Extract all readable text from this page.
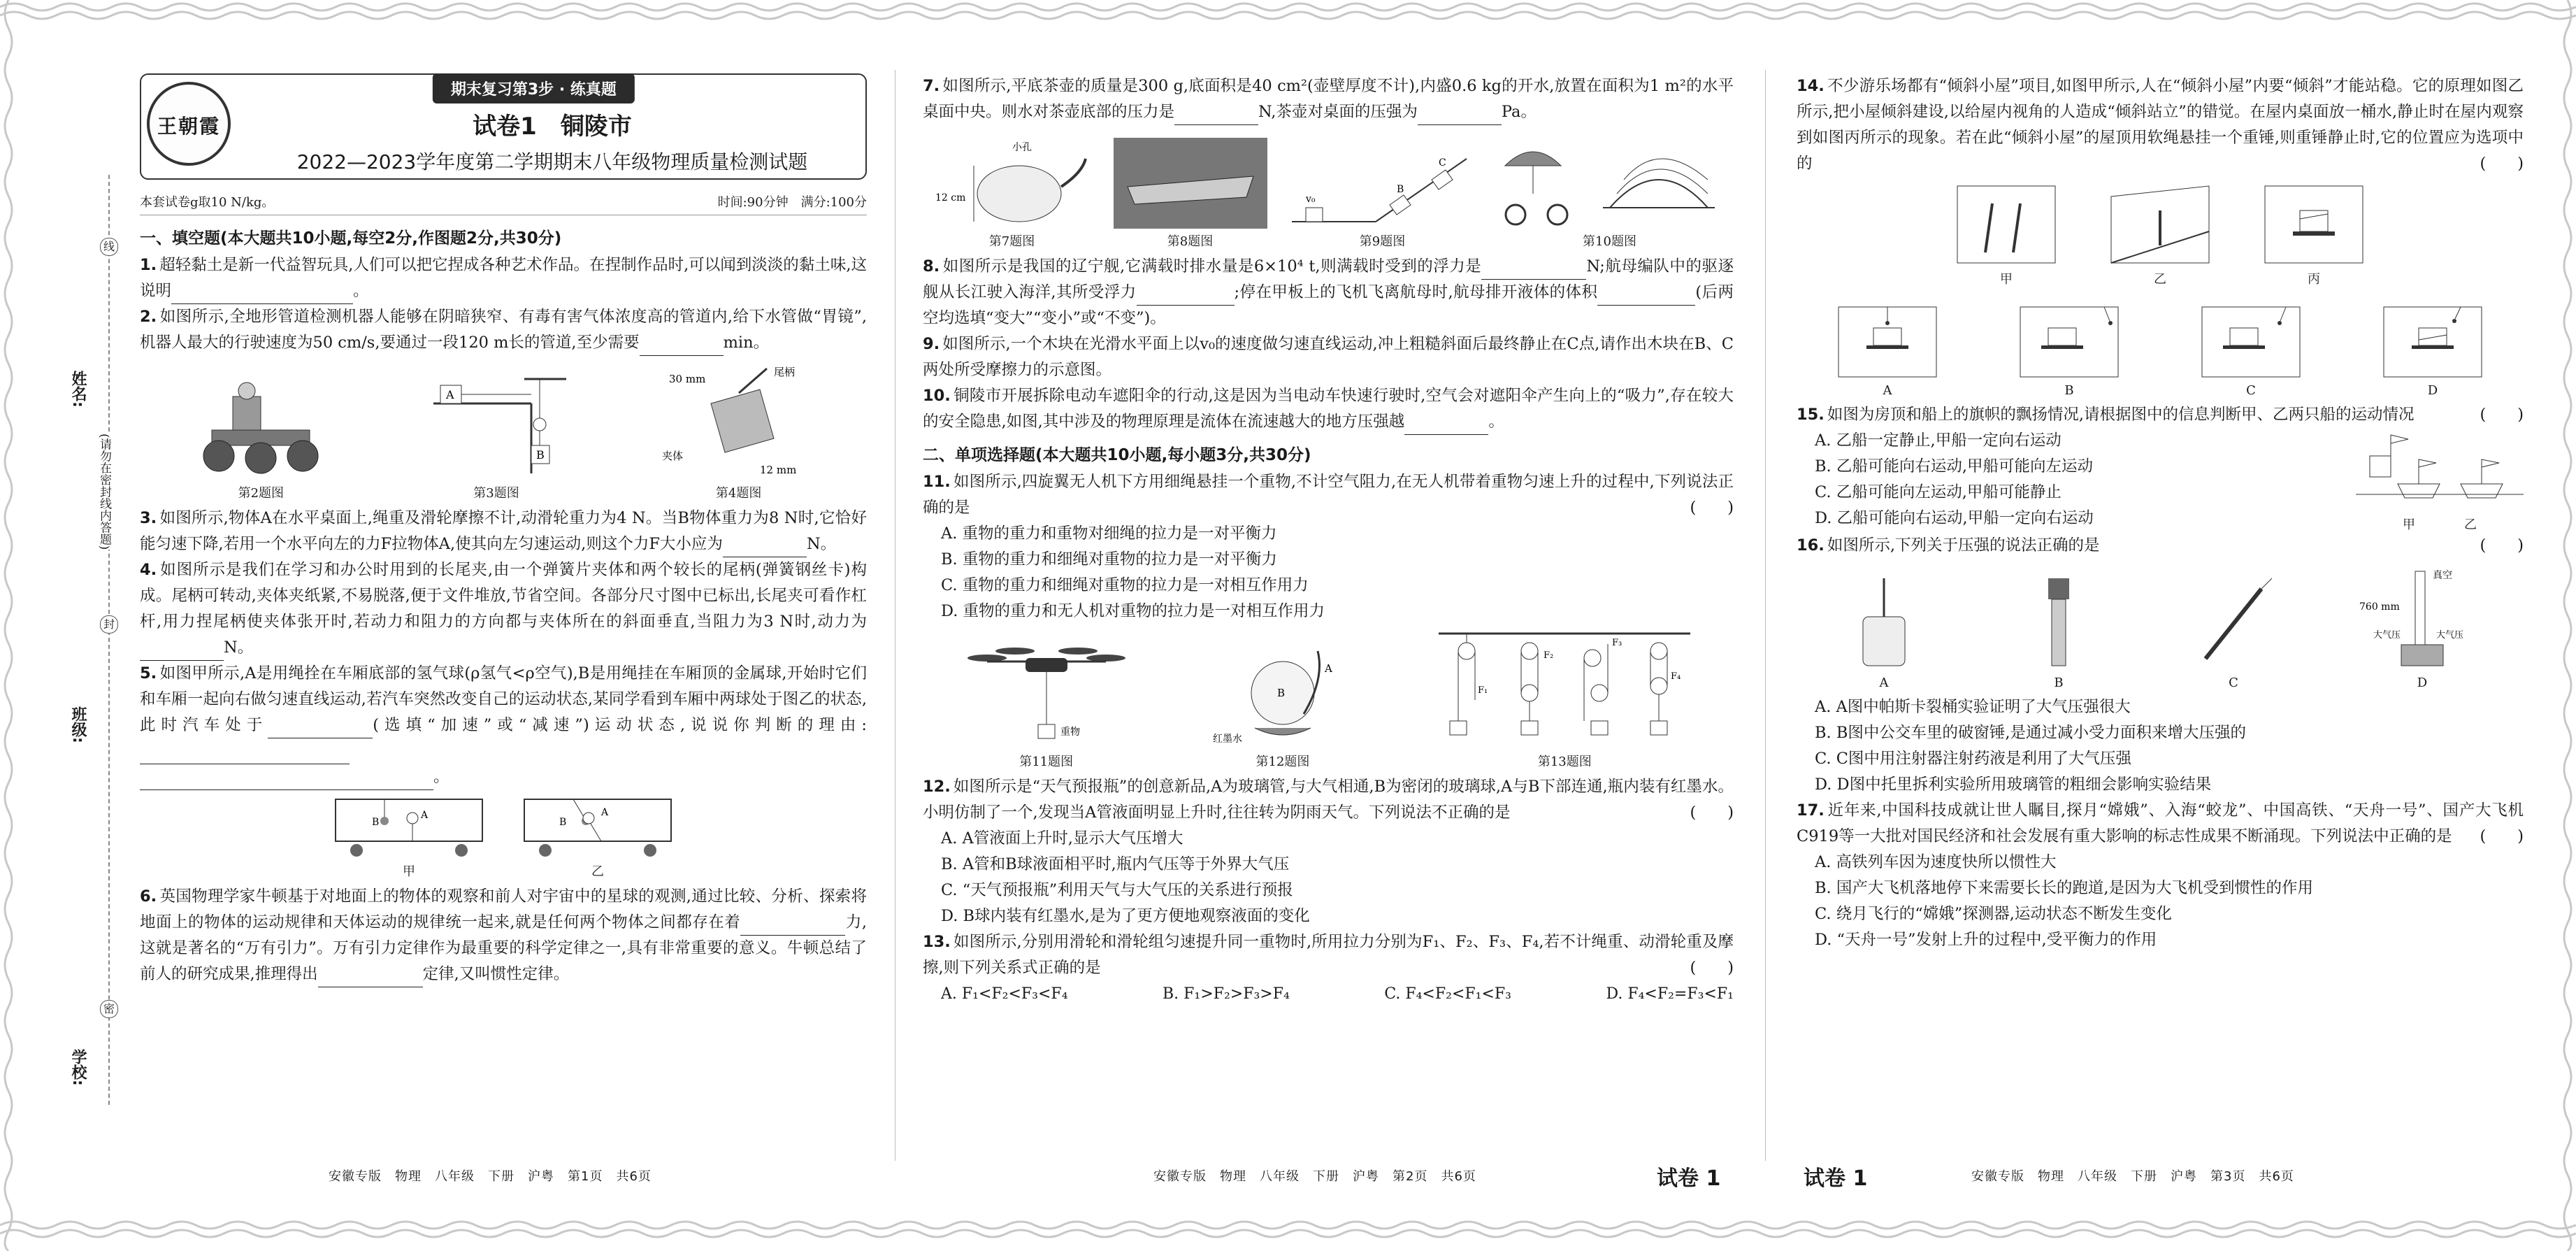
线
封
密
(请勿在密封线内答题)
姓名:
班级:
学校:
期末复习第3步 · 练真题
王朝霞	试卷1　铜陵市
2022—2023学年度第二学期期末八年级物理质量检测试题
本套试卷g取10 N/kg。	时间:90分钟　满分:100分
一、填空题(本大题共10小题,每空2分,作图题2分,共30分)

1. 超轻黏土是新一代益智玩具,人们可以把它捏成各种艺术作品。在捏制作品时,可以闻到淡淡的黏土味,这说明	。

2. 如图所示,全地形管道检测机器人能够在阴暗狭窄、有毒有害气体浓度高的管道内,给下水管做“胃镜”,机器人最大的行驶速度为50 cm/s,要通过一段120 m长的管道,至少需要	min。

第2题图
A
B
第3题图
30 mm
尾柄
夹体
12 mm
第4题图

3. 如图所示,物体A在水平桌面上,绳重及滑轮摩擦不计,动滑轮重力为4 N。当B物体重力为8 N时,它恰好能匀速下降,若用一个水平向左的力F拉物体A,使其向左匀速运动,则这个力F大小应为	N。

4. 如图所示是我们在学习和办公时用到的长尾夹,由一个弹簧片夹体和两个较长的尾柄(弹簧钢丝卡)构成。尾柄可转动,夹体夹纸紧,不易脱落,便于文件堆放,节省空间。各部分尺寸图中已标出,长尾夹可看作杠杆,用力捏尾柄使夹体张开时,若动力和阻力的方向都与夹体所在的斜面垂直,当阻力为3 N时,动力为N。

5. 如图甲所示,A是用绳拴在车厢底部的氢气球(ρ氢气<ρ空气),B是用绳挂在车厢顶的金属球,开始时它们和车厢一起向右做匀速直线运动,若汽车突然改变自己的运动状态,某同学看到车厢中两球处于图乙的状态,此时汽车处于	(选填“加速”或“减速”)运动状态,说说你判断的理由:
。

B
A
甲
B
A
乙

6. 英国物理学家牛顿基于对地面上的物体的观察和前人对宇宙中的星球的观测,通过比较、分析、探索将地面上的物体的运动规律和天体运动的规律统一起来,就是任何两个物体之间都存在着	力,这就是著名的“万有引力”。万有引力定律作为最重要的科学定律之一,具有非常重要的意义。牛顿总结了前人的研究成果,推理得出	定律,又叫惯性定律。

7. 如图所示,平底茶壶的质量是300 g,底面积是40 cm²(壶壁厚度不计),内盛0.6 kg的开水,放置在面积为1 m²的水平桌面中央。则水对茶壶底部的压力是	N,茶壶对桌面的压强为	Pa。

小孔
12 cm
第7题图	第8题图
v₀
B
C
第9题图	第10题图

8. 如图所示是我国的辽宁舰,它满载时排水量是6×10⁴ t,则满载时受到的浮力是	N;航母编队中的驱逐舰从长江驶入海洋,其所受浮力	;停在甲板上的飞机飞离航母时,航母排开液体的体积	(后两空均选填“变大”“变小”或“不变”)。

9. 如图所示,一个木块在光滑水平面上以v₀的速度做匀速直线运动,冲上粗糙斜面后最终静止在C点,请作出木块在B、C两处所受摩擦力的示意图。

10. 铜陵市开展拆除电动车遮阳伞的行动,这是因为当电动车快速行驶时,空气会对遮阳伞产生向上的“吸力”,存在较大的安全隐患,如图,其中涉及的物理原理是流体在流速越大的地方压强越	。

二、单项选择题(本大题共10小题,每小题3分,共30分)

11. 如图所示,四旋翼无人机下方用细绳悬挂一个重物,不计空气阻力,在无人机带着重物匀速上升的过程中,下列说法正确的是	(　　)

A. 重物的重力和重物对细绳的拉力是一对平衡力

B. 重物的重力和细绳对重物的拉力是一对平衡力

C. 重物的重力和细绳对重物的拉力是一对相互作用力

D. 重物的重力和无人机对重物的拉力是一对相互作用力

重物
第11题图
B
A
红墨水
第12题图
F₁
F₂
F₃
F₄
第13题图

12. 如图所示是“天气预报瓶”的创意新品,A为玻璃管,与大气相通,B为密闭的玻璃球,A与B下部连通,瓶内装有红墨水。小明仿制了一个,发现当A管液面明显上升时,往往转为阴雨天气。下列说法不正确的是	(　　)

A. A管液面上升时,显示大气压增大

B. A管和B球液面相平时,瓶内气压等于外界大气压

C. “天气预报瓶”利用天气与大气压的关系进行预报

D. B球内装有红墨水,是为了更方便地观察液面的变化

13. 如图所示,分别用滑轮和滑轮组匀速提升同一重物时,所用拉力分别为F₁、F₂、F₃、F₄,若不计绳重、动滑轮重及摩擦,则下列关系式正确的是	(　　)

A. F₁<F₂<F₃<F₄	B. F₁>F₂>F₃>F₄	C. F₄<F₂<F₁<F₃	D. F₄<F₂=F₃<F₁

14. 不少游乐场都有“倾斜小屋”项目,如图甲所示,人在“倾斜小屋”内要“倾斜”才能站稳。它的原理如图乙所示,把小屋倾斜建设,以给屋内视角的人造成“倾斜站立”的错觉。在屋内桌面放一桶水,静止时在屋内观察到如图丙所示的现象。若在此“倾斜小屋”的屋顶用软绳悬挂一个重锤,则重锤静止时,它的位置应为选项中的	(　　)

甲	乙	丙
A	B	C	D

15. 如图为房顶和船上的旗帜的飘扬情况,请根据图中的信息判断甲、乙两只船的运动情况	(　　)

A. 乙船一定静止,甲船一定向右运动

B. 乙船可能向右运动,甲船可能向左运动

C. 乙船可能向左运动,甲船可能静止

D. 乙船可能向右运动,甲船一定向右运动	甲	乙

16. 如图所示,下列关于压强的说法正确的是	(　　)

A	B	C
真空
760 mm
大气压	大气压
D

A. A图中帕斯卡裂桶实验证明了大气压强很大

B. B图中公交车里的破窗锤,是通过减小受力面积来增大压强的

C. C图中用注射器注射药液是利用了大气压强

D. D图中托里拆利实验所用玻璃管的粗细会影响实验结果

17. 近年来,中国科技成就让世人瞩目,探月“嫦娥”、入海“蛟龙”、中国高铁、“天舟一号”、国产大飞机C919等一大批对国民经济和社会发展有重大影响的标志性成果不断涌现。下列说法中正确的是 (　　)

A. 高铁列车因为速度快所以惯性大

B. 国产大飞机落地停下来需要长长的跑道,是因为大飞机受到惯性的作用

C. 绕月飞行的“嫦娥”探测器,运动状态不断发生变化

D. “天舟一号”发射上升的过程中,受平衡力的作用

安徽专版　物理　八年级　下册　沪粤　第1页　共6页	安徽专版　物理　八年级　下册　沪粤　第2页　共6页	试卷 1	试卷 1	安徽专版　物理　八年级　下册　沪粤　第3页　共6页
